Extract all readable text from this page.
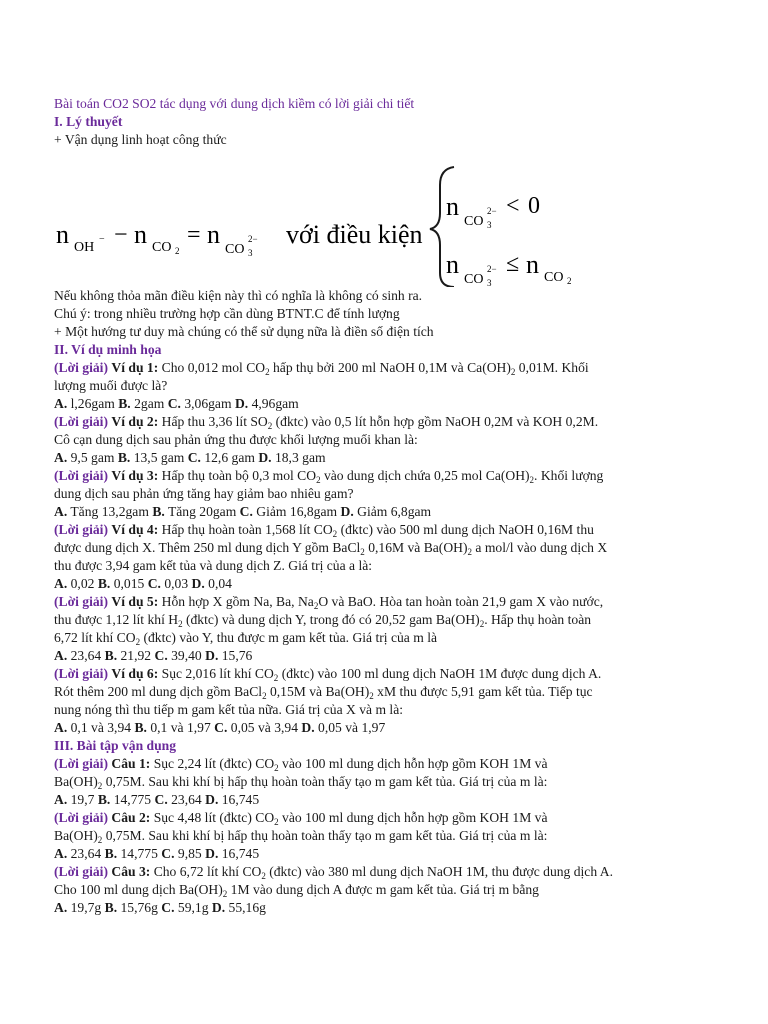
Bài toán CO2 SO2 tác dụng với dung dịch kiềm có lời giải chi tiết

I. Lý thuyết

+ Vận dụng linh hoạt công thức

n OH
− − n CO 2
= n
CO 3
2− với điều kiện
n
CO 3
2− < 0
n
CO 3
2− ≤ n CO 2

Nếu không thỏa mãn điều kiện này thì có nghĩa là không có sinh ra.

Chú ý: trong nhiều trường hợp cần dùng BTNT.C để tính lượng

+ Một hướng tư duy mà chúng có thể sử dụng nữa là điền số điện tích

II. Ví dụ minh họa

(Lời giải) Ví dụ 1: Cho 0,012 mol $CO_2$ hấp thụ bởi 200 ml NaOH 0,1M và $Ca(OH)_2$ 0,01M. Khối
lượng muối được là?

A. l,26gam B. 2gam C. 3,06gam D. 4,96gam

(Lời giải) Ví dụ 2: Hấp thu 3,36 lít $SO_2$ (đktc) vào 0,5 lít hỗn hợp gồm NaOH 0,2M và KOH 0,2M.
Cô cạn dung dịch sau phản ứng thu được khối lượng muối khan là:

A. 9,5 gam B. 13,5 gam C. 12,6 gam D. 18,3 gam

(Lời giải) Ví dụ 3: Hấp thụ toàn bộ 0,3 mol $CO_2$ vào dung dịch chứa 0,25 mol $Ca(OH)_2$. Khối lượng
dung dịch sau phản ứng tăng hay giảm bao nhiêu gam?

A. Tăng 13,2gam B. Tăng 20gam C. Giảm 16,8gam D. Giảm 6,8gam

(Lời giải) Ví dụ 4: Hấp thụ hoàn toàn 1,568 lít $CO_2$ (đktc) vào 500 ml dung dịch NaOH 0,16M thu
được dung dịch X. Thêm 250 ml dung dịch Y gồm BaCl$_2$ 0,16M và $Ba(OH)_2$ a mol/l vào dung dịch X
thu được 3,94 gam kết tủa và dung dịch Z. Giá trị của a là:

A. 0,02 B. 0,015 C. 0,03 D. 0,04

(Lời giải) Ví dụ 5: Hỗn hợp X gồm Na, Ba, $Na_2O$ và BaO. Hòa tan hoàn toàn 21,9 gam X vào nước,
thu được 1,12 lít khí $H_2$ (đktc) và dung dịch Y, trong đó có 20,52 gam $Ba(OH)_2$. Hấp thụ hoàn toàn
6,72 lít khí $CO_2$ (đktc) vào Y, thu được m gam kết tủa. Giá trị của m là

A. 23,64 B. 21,92 C. 39,40 D. 15,76

(Lời giải) Ví dụ 6: Sục 2,016 lít khí $CO_2$ (đktc) vào 100 ml dung dịch NaOH 1M được dung dịch A.
Rót thêm 200 ml dung dịch gồm BaCl$_2$ 0,15M và $Ba(OH)_2$ xM thu được 5,91 gam kết tủa. Tiếp tục
nung nóng thì thu tiếp m gam kết tủa nữa. Giá trị của X và m là:

A. 0,1 và 3,94 B. 0,1 và 1,97 C. 0,05 và 3,94 D. 0,05 và 1,97

III. Bài tập vận dụng

(Lời giải) Câu 1: Sục 2,24 lít (đktc) $CO_2$ vào 100 ml dung dịch hỗn hợp gồm KOH 1M và
$Ba(OH)_2$ 0,75M. Sau khi khí bị hấp thụ hoàn toàn thấy tạo m gam kết tủa. Giá trị của m là:

A. 19,7 B. 14,775 C. 23,64 D. 16,745

(Lời giải) Câu 2: Sục 4,48 lít (đktc) $CO_2$ vào 100 ml dung dịch hỗn hợp gồm KOH 1M và
$Ba(OH)_2$ 0,75M. Sau khi khí bị hấp thụ hoàn toàn thấy tạo m gam kết tủa. Giá trị của m là:

A. 23,64 B. 14,775 C. 9,85 D. 16,745

(Lời giải) Câu 3: Cho 6,72 lít khí $CO_2$ (đktc) vào 380 ml dung dịch NaOH 1M, thu được dung dịch A.
Cho 100 ml dung dịch $Ba(OH)_2$ 1M vào dung dịch A được m gam kết tủa. Giá trị m bằng

A. 19,7g B. 15,76g C. 59,1g D. 55,16g
